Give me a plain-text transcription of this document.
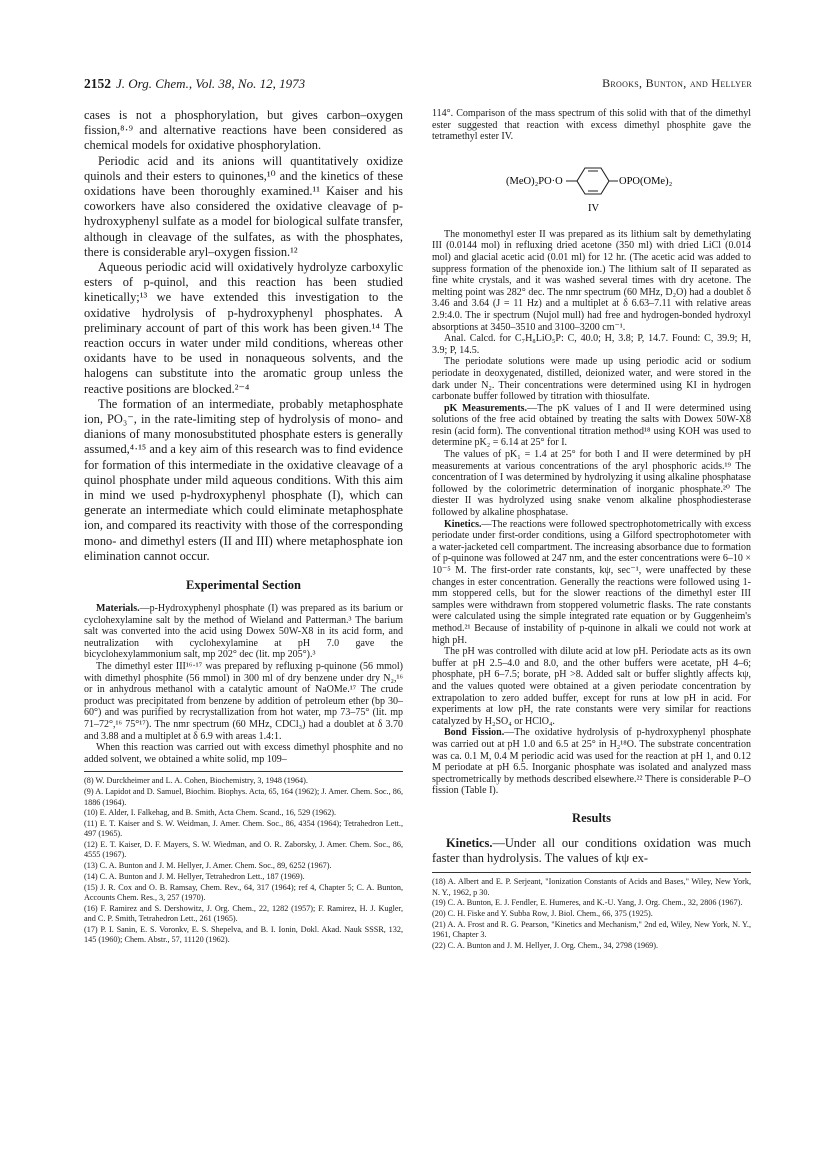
2152 J. Org. Chem., Vol. 38, No. 12, 1973	Brooks, Bunton, and Hellyer

cases is not a phosphorylation, but gives carbon–oxygen fission,⁸·⁹ and alternative reactions have been considered as chemical models for oxidative phosphorylation.

Periodic acid and its anions will quantitatively oxidize quinols and their esters to quinones,¹⁰ and the kinetics of these oxidations have been thoroughly examined.¹¹ Kaiser and his coworkers have also considered the oxidative cleavage of p-hydroxyphenyl sulfate as a model for biological sulfate transfer, although in cleavage of the sulfates, as with the phosphates, there is considerable aryl–oxygen fission.¹²

Aqueous periodic acid will oxidatively hydrolyze carboxylic esters of p-quinol, and this reaction has been studied kinetically;¹³ we have extended this investigation to the oxidative hydrolysis of p-hydroxyphenyl phosphates. A preliminary account of part of this work has been given.¹⁴ The reaction occurs in water under mild conditions, whereas other oxidants have to be used in nonaqueous solvents, and the halogens can substitute into the aromatic group unless the reactive positions are blocked.²⁻⁴

The formation of an intermediate, probably metaphosphate ion, PO₃⁻, in the rate-limiting step of hydrolysis of mono- and dianions of many monosubstituted phosphate esters is generally assumed,⁴·¹⁵ and a key aim of this research was to find evidence for formation of this intermediate in the oxidative cleavage of a quinol phosphate under mild aqueous conditions. With this aim in mind we used p-hydroxyphenyl phosphate (I), which can generate an intermediate which could eliminate metaphosphate ion, and compared its reactivity with those of the corresponding mono- and dimethyl esters (II and III) where metaphosphate ion elimination cannot occur.

Experimental Section

Materials.—p-Hydroxyphenyl phosphate (I) was prepared as its barium or cyclohexylamine salt by the method of Wieland and Patterman.³ The barium salt was converted into the acid using Dowex 50W-X8 in its acid form, and neutralization with cyclohexylamine at pH 7.0 gave the bicyclohexylammonium salt, mp 202° dec (lit. mp 205°).³

The dimethyl ester III¹⁶·¹⁷ was prepared by refluxing p-quinone (56 mmol) with dimethyl phosphite (56 mmol) in 300 ml of dry benzene under dry N₂,¹⁶ or in anhydrous methanol with a catalytic amount of NaOMe.¹⁷ The crude product was precipitated from benzene by addition of petroleum ether (bp 30–60°) and was purified by recrystallization from hot water, mp 73–75° (lit. mp 71–72°,¹⁶ 75°¹⁷). The nmr spectrum (60 MHz, CDCl₃) had a doublet at δ 3.70 and 3.88 and a multiplet at δ 6.9 with areas 1.4:1.

When this reaction was carried out with excess dimethyl phosphite and no added solvent, we obtained a white solid, mp 109–

(8) W. Durckheimer and L. A. Cohen, Biochemistry, 3, 1948 (1964).

(9) A. Lapidot and D. Samuel, Biochim. Biophys. Acta, 65, 164 (1962); J. Amer. Chem. Soc., 86, 1886 (1964).

(10) E. Alder, I. Falkehag, and B. Smith, Acta Chem. Scand., 16, 529 (1962).

(11) E. T. Kaiser and S. W. Weidman, J. Amer. Chem. Soc., 86, 4354 (1964); Tetrahedron Lett., 497 (1965).

(12) E. T. Kaiser, D. F. Mayers, S. W. Wiedman, and O. R. Zaborsky, J. Amer. Chem. Soc., 86, 4555 (1967).

(13) C. A. Bunton and J. M. Hellyer, J. Amer. Chem. Soc., 89, 6252 (1967).

(14) C. A. Bunton and J. M. Hellyer, Tetrahedron Lett., 187 (1969).

(15) J. R. Cox and O. B. Ramsay, Chem. Rev., 64, 317 (1964); ref 4, Chapter 5; C. A. Bunton, Accounts Chem. Res., 3, 257 (1970).

(16) F. Ramirez and S. Dershowitz, J. Org. Chem., 22, 1282 (1957); F. Ramirez, H. J. Kugler, and C. P. Smith, Tetrahedron Lett., 261 (1965).

(17) P. I. Sanin, E. S. Voronkv, E. S. Shepelva, and B. I. Ionin, Dokl. Akad. Nauk SSSR, 132, 145 (1960); Chem. Abstr., 57, 11120 (1962).

114°. Comparison of the mass spectrum of this solid with that of the dimethyl ester suggested that reaction with excess dimethyl phosphite gave the tetramethyl ester IV.

(MeO)₂PO·O	OPO(OMe)₂
IV

The monomethyl ester II was prepared as its lithium salt by demethylating III (0.0144 mol) in refluxing dried acetone (350 ml) with dried LiCl (0.014 mol) and glacial acetic acid (0.01 ml) for 12 hr. (The acetic acid was added to suppress formation of the phenoxide ion.) The lithium salt of II separated as fine white crystals, and it was washed several times with dry acetone. The melting point was 282° dec. The nmr spectrum (60 MHz, D₂O) had a doublet δ 3.46 and 3.64 (J = 11 Hz) and a multiplet at δ 6.63–7.11 with relative areas 2.9:4.0. The ir spectrum (Nujol mull) had free and hydrogen-bonded hydroxyl absorptions at 3450–3510 and 3100–3200 cm⁻¹.

Anal. Calcd. for C₇H₈LiO₅P: C, 40.0; H, 3.8; P, 14.7. Found: C, 39.9; H, 3.9; P, 14.5.

The periodate solutions were made up using periodic acid or sodium periodate in deoxygenated, distilled, deionized water, and were stored in the dark under N₂. Their concentrations were determined using KI in hydrogen carbonate buffer followed by titration with thiosulfate.

pK Measurements.—The pK values of I and II were determined using solutions of the free acid obtained by treating the salts with Dowex 50W-X8 resin (acid form). The conventional titration method¹⁸ using KOH was used to determine pK₂ = 6.14 at 25° for I.

The values of pK₁ = 1.4 at 25° for both I and II were determined by pH measurements at various concentrations of the aryl phosphoric acids.¹⁹ The concentration of I was determined by hydrolyzing it using alkaline phosphatase followed by the colorimetric determination of inorganic phosphate.²⁰ The diester II was hydrolyzed using snake venom alkaline phosphodiesterase followed by alkaline phosphatase.

Kinetics.—The reactions were followed spectrophotometrically with excess periodate under first-order conditions, using a Gilford spectrophotometer with a water-jacketed cell compartment. The increasing absorbance due to formation of p-quinone was followed at 247 nm, and the ester concentrations were 6–10 × 10⁻⁵ M. The first-order rate constants, kψ, sec⁻¹, were unaffected by these changes in ester concentration. Generally the reactions were followed using 1-mm stoppered cells, but for the slower reactions of the dimethyl ester III samples were withdrawn from stoppered volumetric flasks. The rate constants were calculated using the simple integrated rate equation or by Guggenheim's method.²¹ Because of instability of p-quinone in alkali we could not work at high pH.

The pH was controlled with dilute acid at low pH. Periodate acts as its own buffer at pH 2.5–4.0 and 8.0, and the other buffers were acetate, pH 4–6; phosphate, pH 6–7.5; borate, pH >8. Added salt or buffer slightly affects kψ, and the values quoted were obtained at a given periodate concentration by extrapolation to zero added buffer, except for runs at low pH in acid. For experiments at low pH, the rate constants were very similar for reactions catalyzed by H₂SO₄ or HClO₄.

Bond Fission.—The oxidative hydrolysis of p-hydroxyphenyl phosphate was carried out at pH 1.0 and 6.5 at 25° in H₂¹⁸O. The substrate concentration was ca. 0.1 M, 0.4 M periodic acid was used for the reaction at pH 1, and 0.12 M periodate at pH 6.5. Inorganic phosphate was isolated and analyzed mass spectrometrically by methods described elsewhere.²² There is considerable P–O fission (Table I).

Results

Kinetics.—Under all our conditions oxidation was much faster than hydrolysis. The values of kψ ex-

(18) A. Albert and E. P. Serjeant, "Ionization Constants of Acids and Bases," Wiley, New York, N. Y., 1962, p 30.

(19) C. A. Bunton, E. J. Fendler, E. Humeres, and K.-U. Yang, J. Org. Chem., 32, 2806 (1967).

(20) C. H. Fiske and Y. Subba Row, J. Biol. Chem., 66, 375 (1925).

(21) A. A. Frost and R. G. Pearson, "Kinetics and Mechanism," 2nd ed, Wiley, New York, N. Y., 1961, Chapter 3.

(22) C. A. Bunton and J. M. Hellyer, J. Org. Chem., 34, 2798 (1969).
